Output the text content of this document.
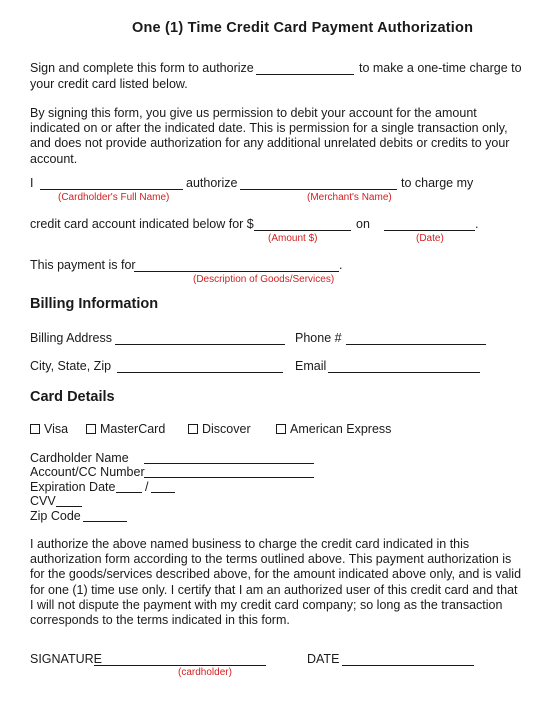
One (1) Time Credit Card Payment Authorization
Sign and complete this form to authorize	to make a one-time charge to
your credit card listed below.
By signing this form, you give us permission to debit your account for the amount indicated on or after the indicated date. This is permission for a single transaction only, and does not provide authorization for any additional unrelated debits or credits to your account.
I	authorize	to charge my
(Cardholder's Full Name)	(Merchant's Name)
credit card account indicated below for $	on	.
(Amount $)	(Date)
This payment is for	.
(Description of Goods/Services)
Billing Information
Billing Address	Phone #
City, State, Zip	Email
Card Details
Visa	MasterCard	Discover	American Express
Cardholder Name
Account/CC Number
Expiration Date /
CVV
Zip Code
I authorize the above named business to charge the credit card indicated in this authorization form according to the terms outlined above. This payment authorization is for the goods/services described above, for the amount indicated above only, and is valid for one (1) time use only. I certify that I am an authorized user of this credit card and that I will not dispute the payment with my credit card company; so long as the transaction corresponds to the terms indicated in this form.
SIGNATURE
(cardholder)
DATE
